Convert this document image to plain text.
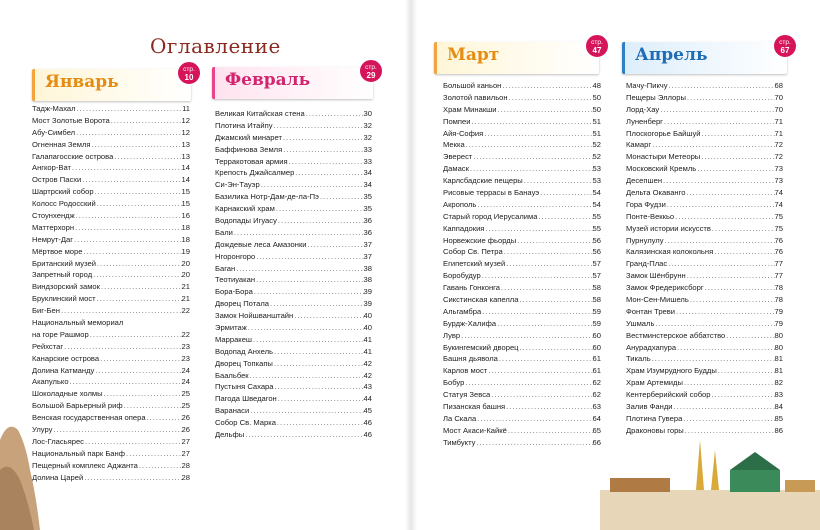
Оглавление
Январь
стр.
10
Тадж-Махал .....	11
Мост Золотые Ворота .....	12
Абу-Симбел .....	12
Огненная Земля .....	13
Галапагосские острова .....	13
Ангкор-Ват .....	14
Остров Пасхи .....	14
Шартрский собор .....	15
Колосс Родосский .....	15
Стоунхендж .....	16
Маттерхорн .....	18
Немрут-Даг .....	18
Мёртвое море .....	19
Британский музей .....	20
Запретный город .....	20
Виндзорский замок .....	21
Бруклинский мост .....	21
Биг-Бен .....	22
Национальный мемориал
на горе Рашмор .....	22
Рейхстаг .....	23
Канарские острова .....	23
Долина Катманду .....	24
Акапулько .....	24
Шоколадные холмы .....	25
Большой Барьерный риф .....	25
Венская государственная опера .....	26
Улуру .....	26
Лос-Гласьярес .....	27
Национальный парк Банф .....	27
Пещерный комплекс Аджанта .....	28
Долина Царей .....	28
Февраль
стр.
29
Великая Китайская стена .....	30
Плотина Итайпу .....	32
Джамский минарет .....	32
Баффинова Земля .....	33
Терракотовая армия .....	33
Крепость Джайсалмер .....	34
Си-Эн-Тауэр .....	34
Базилика Нотр-Дам-де-ла-Пэ .....	35
Карнакский храм .....	35
Водопады Игуасу .....	36
Бали .....	36
Дождевые леса Амазонки .....	37
Нгоронгоро .....	37
Баган .....	38
Теотиуакан .....	38
Бора-Бора .....	39
Дворец Потала .....	39
Замок Нойшванштайн .....	40
Эрмитаж .....	40
Марракеш .....	41
Водопад Анхель .....	41
Дворец Топкапы .....	42
Баальбек .....	42
Пустыня Сахара .....	43
Пагода Шведагон .....	44
Варанаси .....	45
Собор Св. Марка .....	46
Дельфы .....	46
Март
стр.
47
Большой каньон .....	48
Золотой павильон .....	50
Храм Минакши .....	50
Помпеи .....	51
Айя-София .....	51
Мекка .....	52
Эверест .....	52
Дамаск .....	53
Карлсбадские пещеры .....	53
Рисовые террасы в Банауэ .....	54
Акрополь .....	54
Старый город Иерусалима .....	55
Каппадокия .....	55
Норвежские фьорды .....	56
Собор Св. Петра .....	56
Египетский музей .....	57
Боробудур .....	57
Гавань Гонконга .....	58
Сикстинская капелла .....	58
Альгамбра .....	59
Бурдж-Халифа .....	59
Лувр .....	60
Букингемский дворец .....	60
Башня дьявола .....	61
Карлов мост .....	61
Бобур .....	62
Статуя Зевса .....	62
Пизанская башня .....	63
Ла Скала .....	64
Мост Акаси-Кайкё .....	65
Тимбукту .....	66
Апрель
стр.
67
Мачу-Пикчу .....	68
Пещеры Эллоры .....	70
Лорд-Хау .....	70
Луненберг .....	71
Плоскогорье Байшуй .....	71
Камарг .....	72
Монастыри Метеоры .....	72
Московский Кремль .....	73
Десепшен .....	73
Дельта Окаванго .....	74
Гора Фудзи .....	74
Понте-Веккьо .....	75
Музей истории искусств .....	75
Пурнулулу .....	76
Калязинская колокольня .....	76
Гранд-Плас .....	77
Замок Шёнбрунн .....	77
Замок Фредериксборг .....	78
Мон-Сен-Мишель .....	78
Фонтан Треви .....	79
Ушмаль .....	79
Вестминстерское аббатство .....	80
Анурадхапура .....	80
Тикаль .....	81
Храм Изумрудного Будды .....	81
Храм Артемиды .....	82
Кентерберийский собор .....	83
Залив Фанди .....	84
Плотина Гувера .....	85
Драконовы горы .....	86
